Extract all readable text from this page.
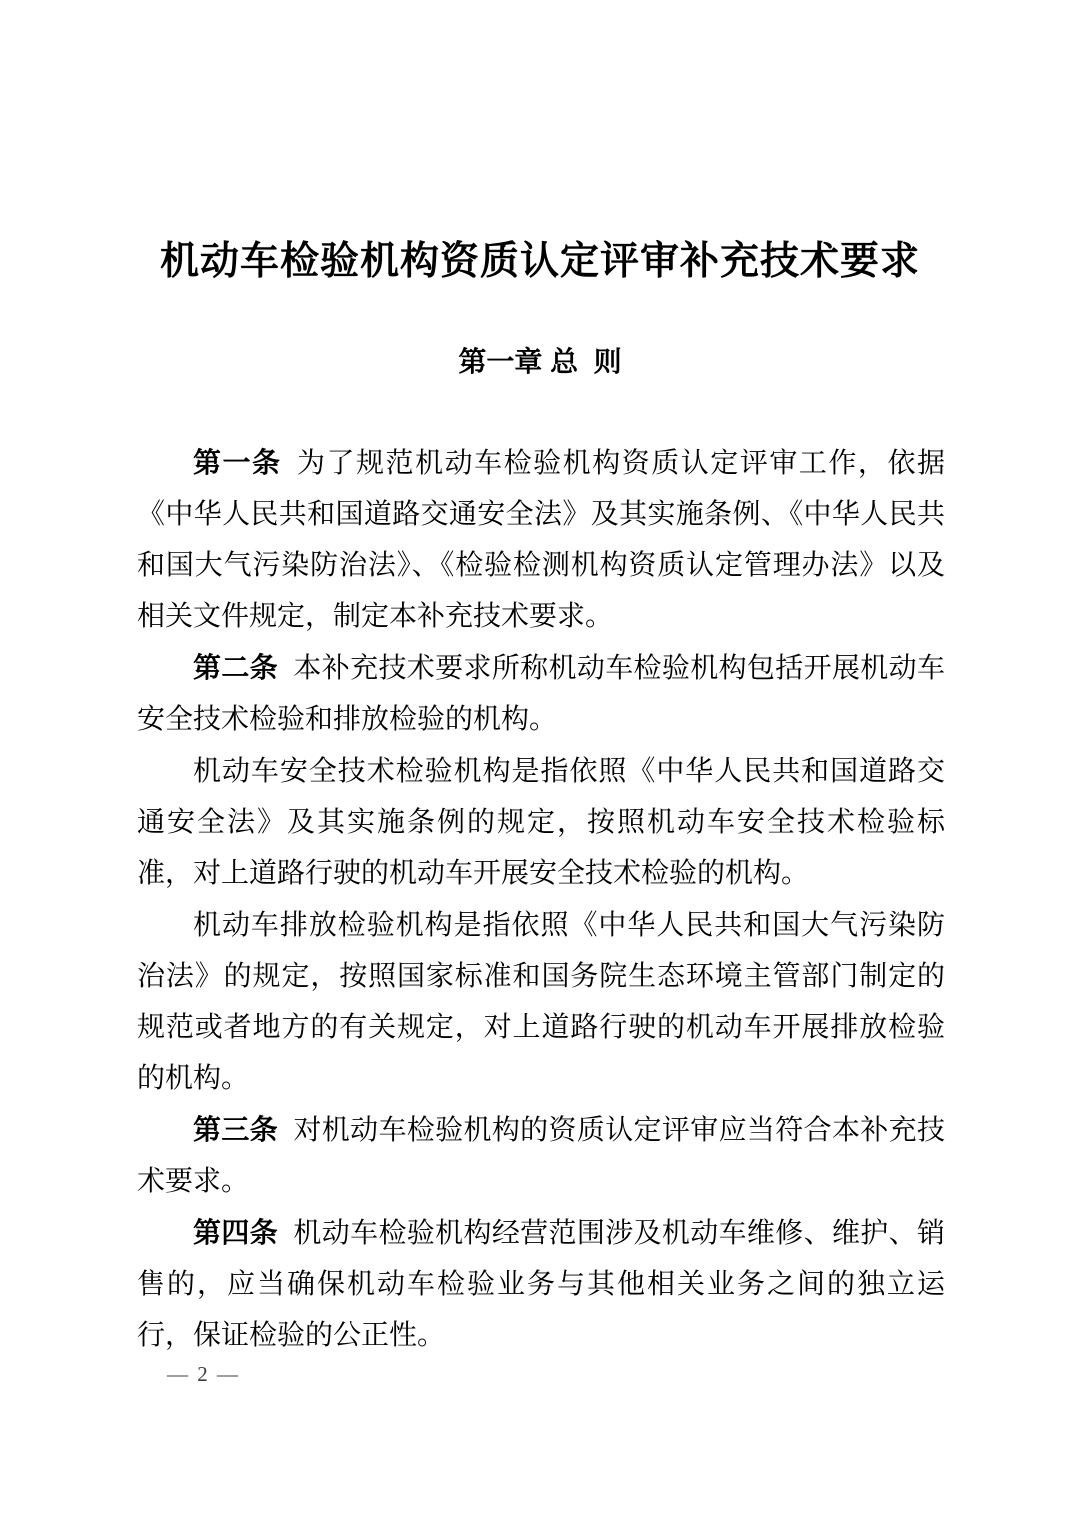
机动车检验机构资质认定评审补充技术要求
第一章 总  则

第一条 为了规范机动车检验机构资质认定评审工作，依据《中华人民共和国道路交通安全法》及其实施条例、《中华人民共和国大气污染防治法》、《检验检测机构资质认定管理办法》以及相关文件规定，制定本补充技术要求。

第二条 本补充技术要求所称机动车检验机构包括开展机动车安全技术检验和排放检验的机构。

机动车安全技术检验机构是指依照《中华人民共和国道路交通安全法》及其实施条例的规定，按照机动车安全技术检验标准，对上道路行驶的机动车开展安全技术检验的机构。

机动车排放检验机构是指依照《中华人民共和国大气污染防治法》的规定，按照国家标准和国务院生态环境主管部门制定的规范或者地方的有关规定，对上道路行驶的机动车开展排放检验的机构。

第三条 对机动车检验机构的资质认定评审应当符合本补充技术要求。

第四条 机动车检验机构经营范围涉及机动车维修、维护、销售的，应当确保机动车检验业务与其他相关业务之间的独立运行，保证检验的公正性。

— 2 —
